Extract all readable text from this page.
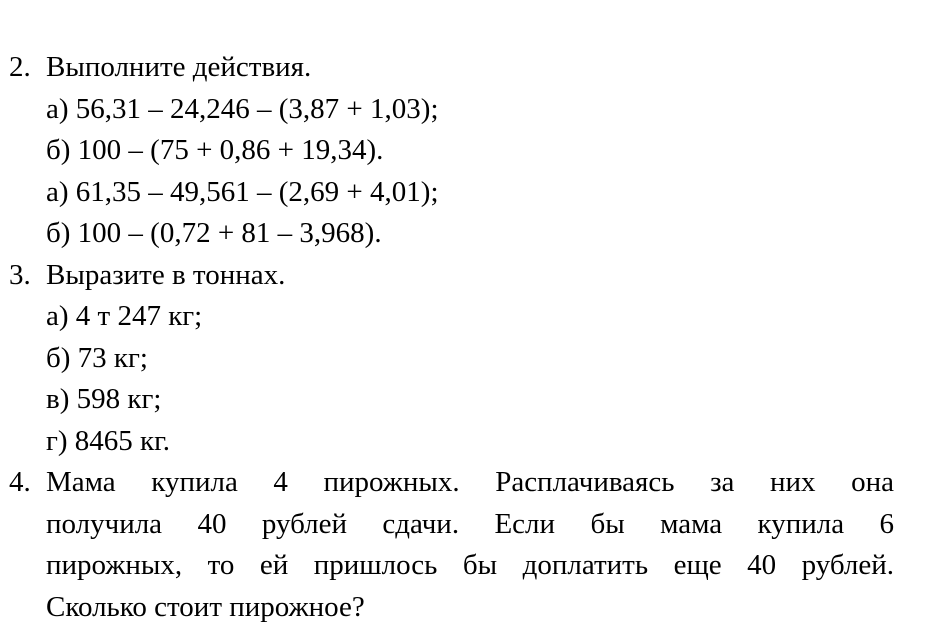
2. Выполните действия.
а) 56,31 – 24,246 – (3,87 + 1,03);
б) 100 – (75 + 0,86 + 19,34).
а) 61,35 – 49,561 – (2,69 + 4,01);
б) 100 – (0,72 + 81 – 3,968).
3. Выразите в тоннах.
а) 4 т 247 кг;
б) 73 кг;
в) 598 кг;
г) 8465 кг.
4. Мама купила 4 пирожных. Расплачиваясь за них она
получила 40 рублей сдачи. Если бы мама купила 6
пирожных, то ей пришлось бы доплатить еще 40 рублей.
Сколько стоит пирожное?
